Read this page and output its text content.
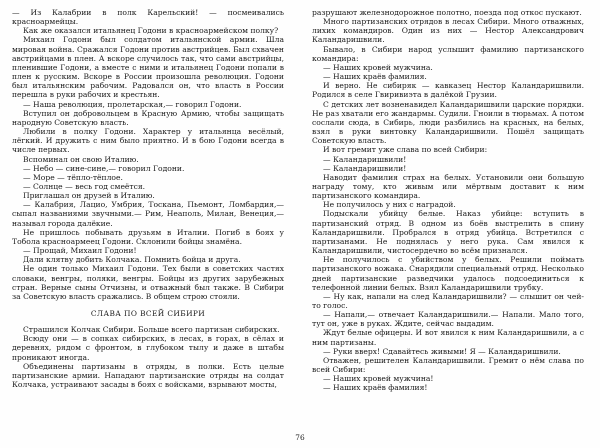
— Из Калабрии в полк Карельский! — посмеивались красноармейцы.

Как же оказался итальянец Годони в красноармейском полку?

Михаил Годони был солдатом итальянской армии. Шла мировая война. Сражался Годони против австрийцев. Был схвачен австрийцами в плен. А вскоре случилось так, что сами австрийцы, пленившие Годони, а вместе с ними и итальянец Годони попали в плен к русским. Вскоре в России произошла революция. Годони был итальянским рабочим. Радовался он, что власть в России перешла в руки рабочих и крестьян.

— Наша революция, пролетарская,— говорил Годони.

Вступил он добровольцем в Красную Армию, чтобы защищать народную Советскую власть.

Любили в полку Годони. Характер у итальянца весёлый, лёгкий. И дружить с ним было приятно. И в бою Годони всегда в числе первых.

Вспоминал он свою Италию.

— Небо — сине-сине,— говорил Годони.

— Море — тёпло-тёплое.

— Солнце — весь год смеётся.

Приглашал он друзей в Италию.

— Калабрия, Лацио, Умбрия, Тоскана, Пьемонт, Ломбардия,— сыпал названиями звучными.— Рим, Неаполь, Милан, Венеция,— называл города далёкие.

Не пришлось побывать друзьям в Италии. Погиб в боях у Тобола красноармеец Годони. Склонили бойцы знамёна.

— Прощай, Михаил Годони!

Дали клятву добить Колчака. Помнить бойца и друга.

Не один только Михаил Годони. Тех были в советских частях словаки, венгры, поляки, венгры. Бойцы из других зарубежных стран. Верные сыны Отчизны, и отважный был также. В Сибири за Советскую власть сражались. В общем строю стояли.

СЛАВА ПО ВСЕЙ СИБИРИ

Страшился Колчак Сибири. Больше всего партизан сибирских.

Всюду они — в сопках сибирских, в лесах, в горах, в сёлах и деревнях, рядом с фронтом, в глубоком тылу и даже в штабы проникают иногда.

Объединены партизаны в отряды, в полки. Есть целые партизанские армии. Нападают партизанские отряды на солдат Колчака, устраивают засады в боях с войсками, взрывают мосты,

разрушают железнодорожное полотно, поезда под откос пускают.

Много партизанских отрядов в лесах Сибири. Много отважных, лихих командиров. Один из них — Нестор Александрович Каландаришвили.

Бывало, в Сибири народ услышит фамилию партизанского командира:

— Наших кровей мужчина.

— Наших краёв фамилия.

И верно. Не сибиряк — кавказец Нестор Каландаришвили. Родился в селе Гвиривиэта в далёкой Грузии.

С детских лет возненавидел Каландаришвили царские порядки. Не раз хватали его жандармы. Судили. Гноили в тюрьмах. А потом сослали сюда, в Сибирь, люди разбились на красных, на белых, взял в руки винтовку Каландаришвили. Пошёл защищать Советскую власть.

И вот гремит уже слава по всей Сибири:

— Каландаришвили!

— Каландаришвили!

Наводит фамилия страх на белых. Установили они большую награду тому, кто живым или мёртвым доставит к ним партизанского командира.

Не получилось у них с наградой.

Подыскали убийцу белые. Наказ убийце: вступить в партизанский отряд. В одном из боёв выстрелить в спину Каландаришвили. Пробрался в отряд убийца. Встретился с партизанами. Не поднялась у него рука. Сам явился к Каландаришвили, чистосердечно во всём признался.

Не получилось с убийством у белых. Решили поймать партизанского вожака. Снарядили специальный отряд. Несколько дней партизанские разведчики удалось подсоединиться к телефонной линии белых. Взял Каландаришвили трубку.

— Ну как, напали на след Каландаришвили? — слышит он чей-то голос.

— Напали,— отвечает Каландаришвили.— Напали. Мало того, тут он, уже в руках. Ждите, сейчас выдадим.

Ждут белые офицеры. И вот явился к ним Каландаришвили, а с ним партизаны.

— Руки вверх! Сдавайтесь живыми! Я — Каландаришвили.

Отважен, решителен Каландаришвили. Гремит о нём слава по всей Сибири:

— Наших кровей мужчина!

— Наших краёв фамилия!

76
